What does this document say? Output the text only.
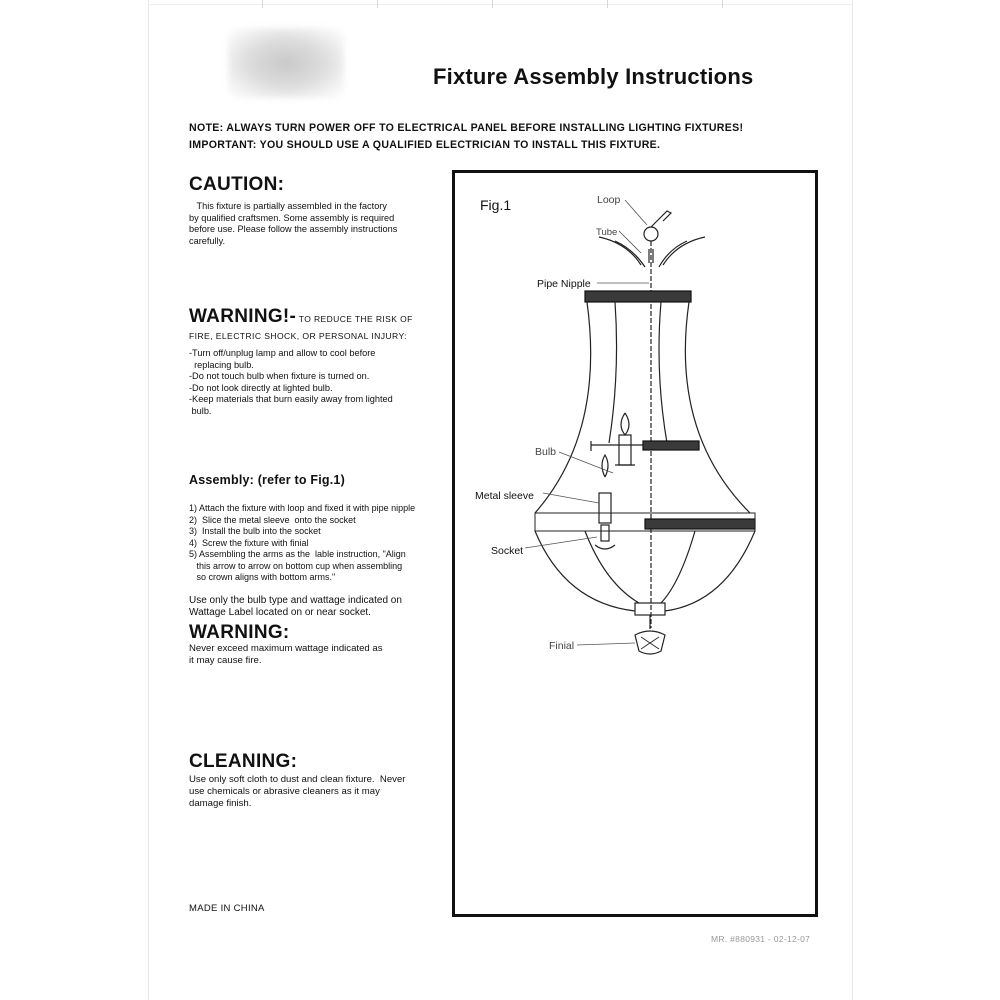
Fixture Assembly Instructions
NOTE: ALWAYS TURN POWER OFF TO ELECTRICAL PANEL BEFORE INSTALLING LIGHTING FIXTURES!
IMPORTANT: YOU SHOULD USE A QUALIFIED ELECTRICIAN TO INSTALL THIS FIXTURE.
CAUTION:

This fixture is partially assembled in the factory

by qualified craftsmen. Some assembly is required

before use. Please follow the assembly instructions

carefully.

WARNING!- TO REDUCE THE RISK OF

FIRE, ELECTRIC SHOCK, OR PERSONAL INJURY:

-Turn off/unplug lamp and allow to cool before

replacing bulb.

-Do not touch bulb when fixture is turned on.

-Do not look directly at lighted bulb.

-Keep materials that burn easily away from lighted

bulb.

Assembly: (refer to Fig.1)
1) Attach the fixture with loop and fixed it with pipe nipple
2)  Slice the metal sleeve  onto the socket
3)  Install the bulb into the socket
4)  Screw the fixture with finial
5) Assembling the arms as the  lable instruction, "Align
this arrow to arrow on bottom cup when assembling
so crown aligns with bottom arms."

Use only the bulb type and wattage indicated on

Wattage Label located on or near socket.

WARNING:

Never exceed maximum wattage indicated as

it may cause fire.

CLEANING:

Use only soft cloth to dust and clean fixture.  Never

use chemicals or abrasive cleaners as it may

damage finish.

MADE IN CHINA

MR. #880931 - 02-12-07

Fig.1	Loop
Tube
Pipe Nipple
Bulb
Metal sleeve
Socket
Finial
